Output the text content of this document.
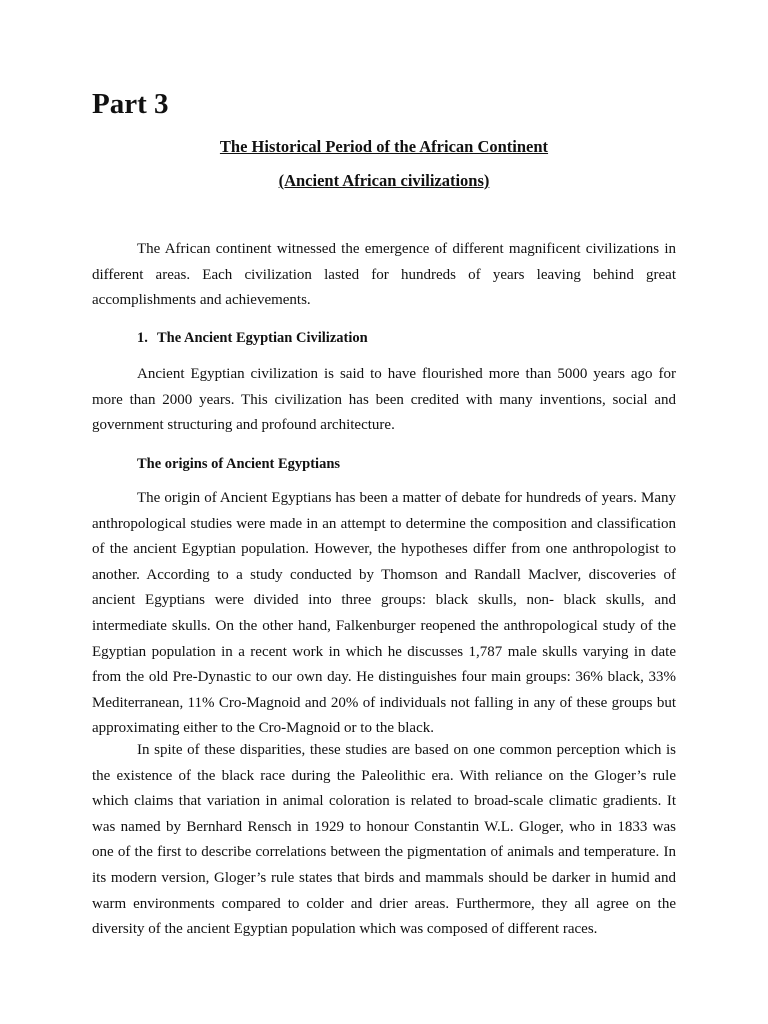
Part 3
The Historical Period of the African Continent
(Ancient African civilizations)

The African continent witnessed the emergence of different magnificent civilizations in different areas. Each civilization lasted for hundreds of years leaving behind great accomplishments and achievements.

1. The Ancient Egyptian Civilization

Ancient Egyptian civilization is said to have flourished more than 5000 years ago for more than 2000 years. This civilization has been credited with many inventions, social and government structuring and profound architecture.

The origins of Ancient Egyptians

The origin of Ancient Egyptians has been a matter of debate for hundreds of years. Many anthropological studies were made in an attempt to determine the composition and classification of the ancient Egyptian population. However, the hypotheses differ from one anthropologist to another. According to a study conducted by Thomson and Randall Maclver, discoveries of ancient Egyptians were divided into three groups: black skulls, non- black skulls, and intermediate skulls. On the other hand, Falkenburger reopened the anthropological study of the Egyptian population in a recent work in which he discusses 1,787 male skulls varying in date from the old Pre-Dynastic to our own day. He distinguishes four main groups: 36% black, 33% Mediterranean, 11% Cro-Magnoid and 20% of individuals not falling in any of these groups but approximating either to the Cro-Magnoid or to the black.

In spite of these disparities, these studies are based on one common perception which is the existence of the black race during the Paleolithic era. With reliance on the Gloger’s rule which claims that variation in animal coloration is related to broad-scale climatic gradients. It was named by Bernhard Rensch in 1929 to honour Constantin W.L. Gloger, who in 1833 was one of the first to describe correlations between the pigmentation of animals and temperature. In its modern version, Gloger’s rule states that birds and mammals should be darker in humid and warm environments compared to colder and drier areas. Furthermore, they all agree on the diversity of the ancient Egyptian population which was composed of different races.
